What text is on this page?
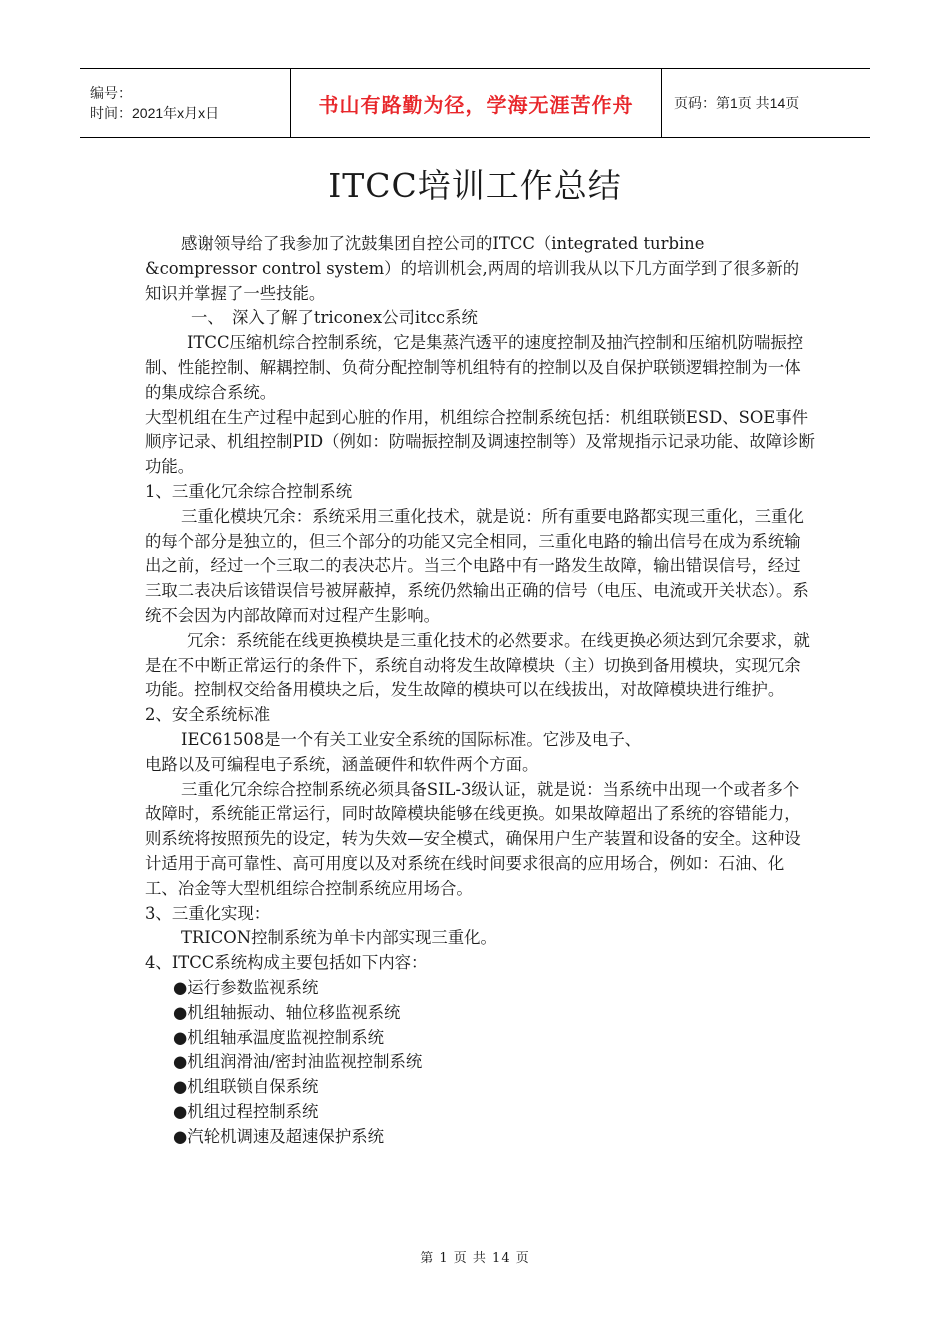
编号：
时间：2021年x月x日	书山有路勤为径，学海无涯苦作舟	页码：第1页 共14页
ITCC培训工作总结

感谢领导给了我参加了沈鼓集团自控公司的ITCC（integrated turbine &compressor control system）的培训机会,两周的培训我从以下几方面学到了很多新的知识并掌握了一些技能。

一、　深入了解了triconex公司itcc系统

ITCC压缩机综合控制系统，它是集蒸汽透平的速度控制及抽汽控制和压缩机防喘振控制、性能控制、解耦控制、负荷分配控制等机组特有的控制以及自保护联锁逻辑控制为一体的集成综合系统。

大型机组在生产过程中起到心脏的作用，机组综合控制系统包括：机组联锁ESD、SOE事件顺序记录、机组控制PID（例如：防喘振控制及调速控制等）及常规指示记录功能、故障诊断功能。

1、三重化冗余综合控制系统

三重化模块冗余：系统采用三重化技术，就是说：所有重要电路都实现三重化，三重化的每个部分是独立的，但三个部分的功能又完全相同，三重化电路的输出信号在成为系统输出之前，经过一个三取二的表决芯片。当三个电路中有一路发生故障，输出错误信号，经过三取二表决后该错误信号被屏蔽掉，系统仍然输出正确的信号（电压、电流或开关状态）。系统不会因为内部故障而对过程产生影响。

冗余：系统能在线更换模块是三重化技术的必然要求。在线更换必须达到冗余要求，就是在不中断正常运行的条件下，系统自动将发生故障模块（主）切换到备用模块，实现冗余功能。控制权交给备用模块之后，发生故障的模块可以在线拔出，对故障模块进行维护。

2、安全系统标准

IEC61508是一个有关工业安全系统的国际标准。它涉及电子、

电路以及可编程电子系统，涵盖硬件和软件两个方面。

三重化冗余综合控制系统必须具备SIL-3级认证，就是说：当系统中出现一个或者多个故障时，系统能正常运行，同时故障模块能够在线更换。如果故障超出了系统的容错能力，则系统将按照预先的设定，转为失效—安全模式，确保用户生产装置和设备的安全。这种设计适用于高可靠性、高可用度以及对系统在线时间要求很高的应用场合，例如：石油、化工、冶金等大型机组综合控制系统应用场合。

3、三重化实现：

TRICON控制系统为单卡内部实现三重化。

4、ITCC系统构成主要包括如下内容：

●运行参数监视系统

●机组轴振动、轴位移监视系统

●机组轴承温度监视控制系统

●机组润滑油/密封油监视控制系统

●机组联锁自保系统

●机组过程控制系统

●汽轮机调速及超速保护系统

第 1 页 共 14 页
